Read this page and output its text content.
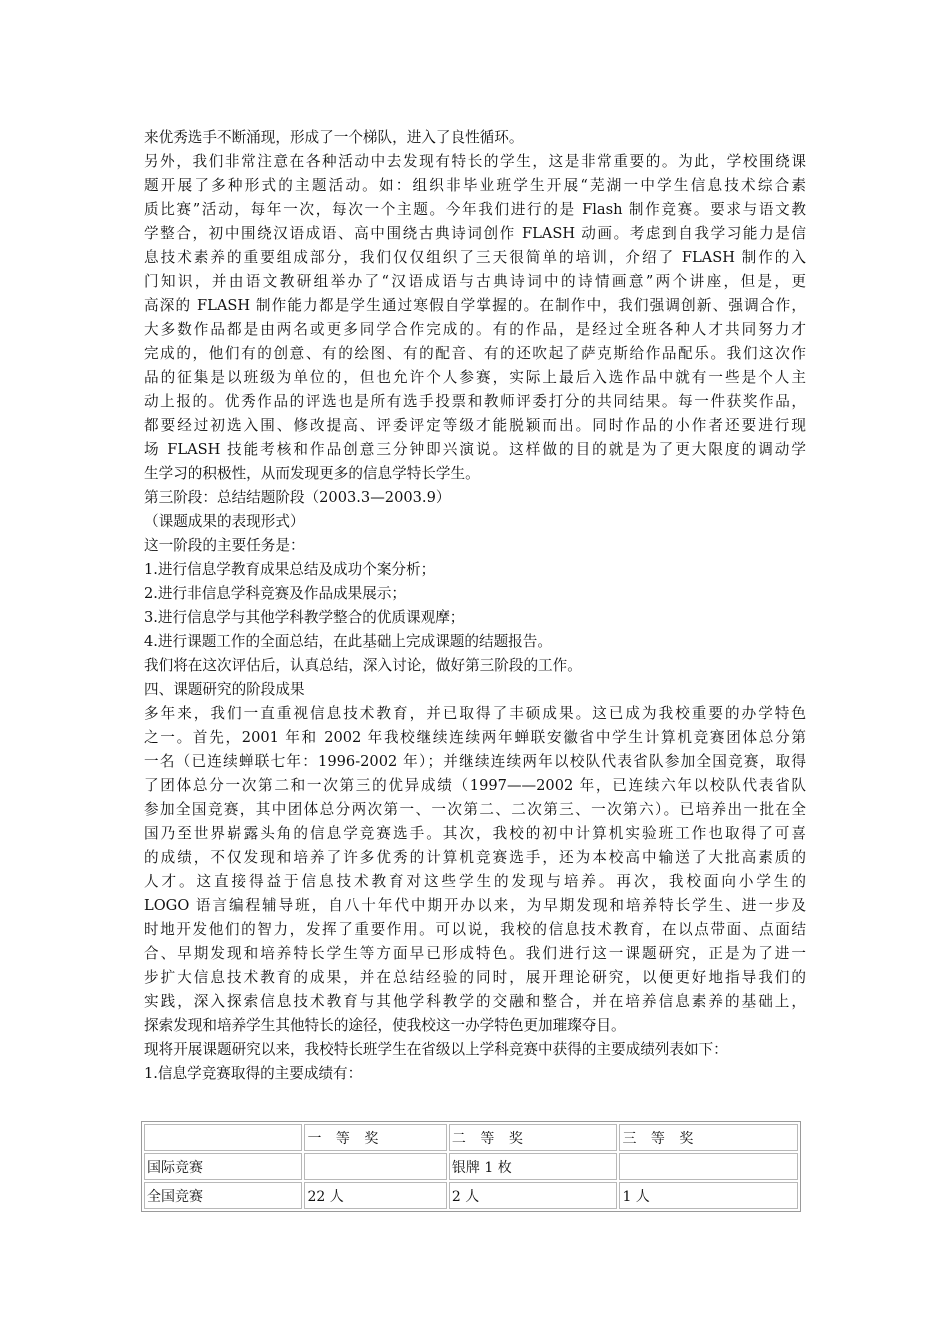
来优秀选手不断涌现，形成了一个梯队，进入了良性循环。
另外，我们非常注意在各种活动中去发现有特长的学生，这是非常重要的。为此，学校围绕课
题开展了多种形式的主题活动。如：组织非毕业班学生开展“芜湖一中学生信息技术综合素
质比赛”活动，每年一次，每次一个主题。今年我们进行的是 Flash 制作竞赛。要求与语文教
学整合，初中围绕汉语成语、高中围绕古典诗词创作 FLASH 动画。考虑到自我学习能力是信
息技术素养的重要组成部分，我们仅仅组织了三天很简单的培训，介绍了 FLASH 制作的入
门知识，并由语文教研组举办了“汉语成语与古典诗词中的诗情画意”两个讲座，但是，更
高深的 FLASH 制作能力都是学生通过寒假自学掌握的。在制作中，我们强调创新、强调合作，
大多数作品都是由两名或更多同学合作完成的。有的作品，是经过全班各种人才共同努力才
完成的，他们有的创意、有的绘图、有的配音、有的还吹起了萨克斯给作品配乐。我们这次作
品的征集是以班级为单位的，但也允许个人参赛，实际上最后入选作品中就有一些是个人主
动上报的。优秀作品的评选也是所有选手投票和教师评委打分的共同结果。每一件获奖作品，
都要经过初选入围、修改提高、评委评定等级才能脱颖而出。同时作品的小作者还要进行现
场 FLASH 技能考核和作品创意三分钟即兴演说。这样做的目的就是为了更大限度的调动学
生学习的积极性，从而发现更多的信息学特长学生。
第三阶段：总结结题阶段（2003.3—2003.9）
（课题成果的表现形式）
这一阶段的主要任务是：
1.进行信息学教育成果总结及成功个案分析；
2.进行非信息学科竞赛及作品成果展示；
3.进行信息学与其他学科教学整合的优质课观摩；
4.进行课题工作的全面总结，在此基础上完成课题的结题报告。
我们将在这次评估后，认真总结，深入讨论，做好第三阶段的工作。
四、课题研究的阶段成果
多年来，我们一直重视信息技术教育，并已取得了丰硕成果。这已成为我校重要的办学特色
之一。首先，2001 年和 2002 年我校继续连续两年蝉联安徽省中学生计算机竞赛团体总分第
一名（已连续蝉联七年：1996-2002 年）；并继续连续两年以校队代表省队参加全国竞赛，取得
了团体总分一次第二和一次第三的优异成绩（1997——2002 年，已连续六年以校队代表省队
参加全国竞赛，其中团体总分两次第一、一次第二、二次第三、一次第六）。已培养出一批在全
国乃至世界崭露头角的信息学竞赛选手。其次，我校的初中计算机实验班工作也取得了可喜
的成绩，不仅发现和培养了许多优秀的计算机竞赛选手，还为本校高中输送了大批高素质的
人才。这直接得益于信息技术教育对这些学生的发现与培养。再次，我校面向小学生的
LOGO 语言编程辅导班，自八十年代中期开办以来，为早期发现和培养特长学生、进一步及
时地开发他们的智力，发挥了重要作用。可以说，我校的信息技术教育，在以点带面、点面结
合、早期发现和培养特长学生等方面早已形成特色。我们进行这一课题研究，正是为了进一
步扩大信息技术教育的成果，并在总结经验的同时，展开理论研究，以便更好地指导我们的
实践，深入探索信息技术教育与其他学科教学的交融和整合，并在培养信息素养的基础上，
探索发现和培养学生其他特长的途径，使我校这一办学特色更加璀璨夺目。
现将开展课题研究以来，我校特长班学生在省级以上学科竞赛中获得的主要成绩列表如下：
1.信息学竞赛取得的主要成绩有：
	一 等 奖	二 等 奖	三 等 奖
国际竞赛		银牌 1 枚	
全国竞赛	22 人	2 人	1 人
